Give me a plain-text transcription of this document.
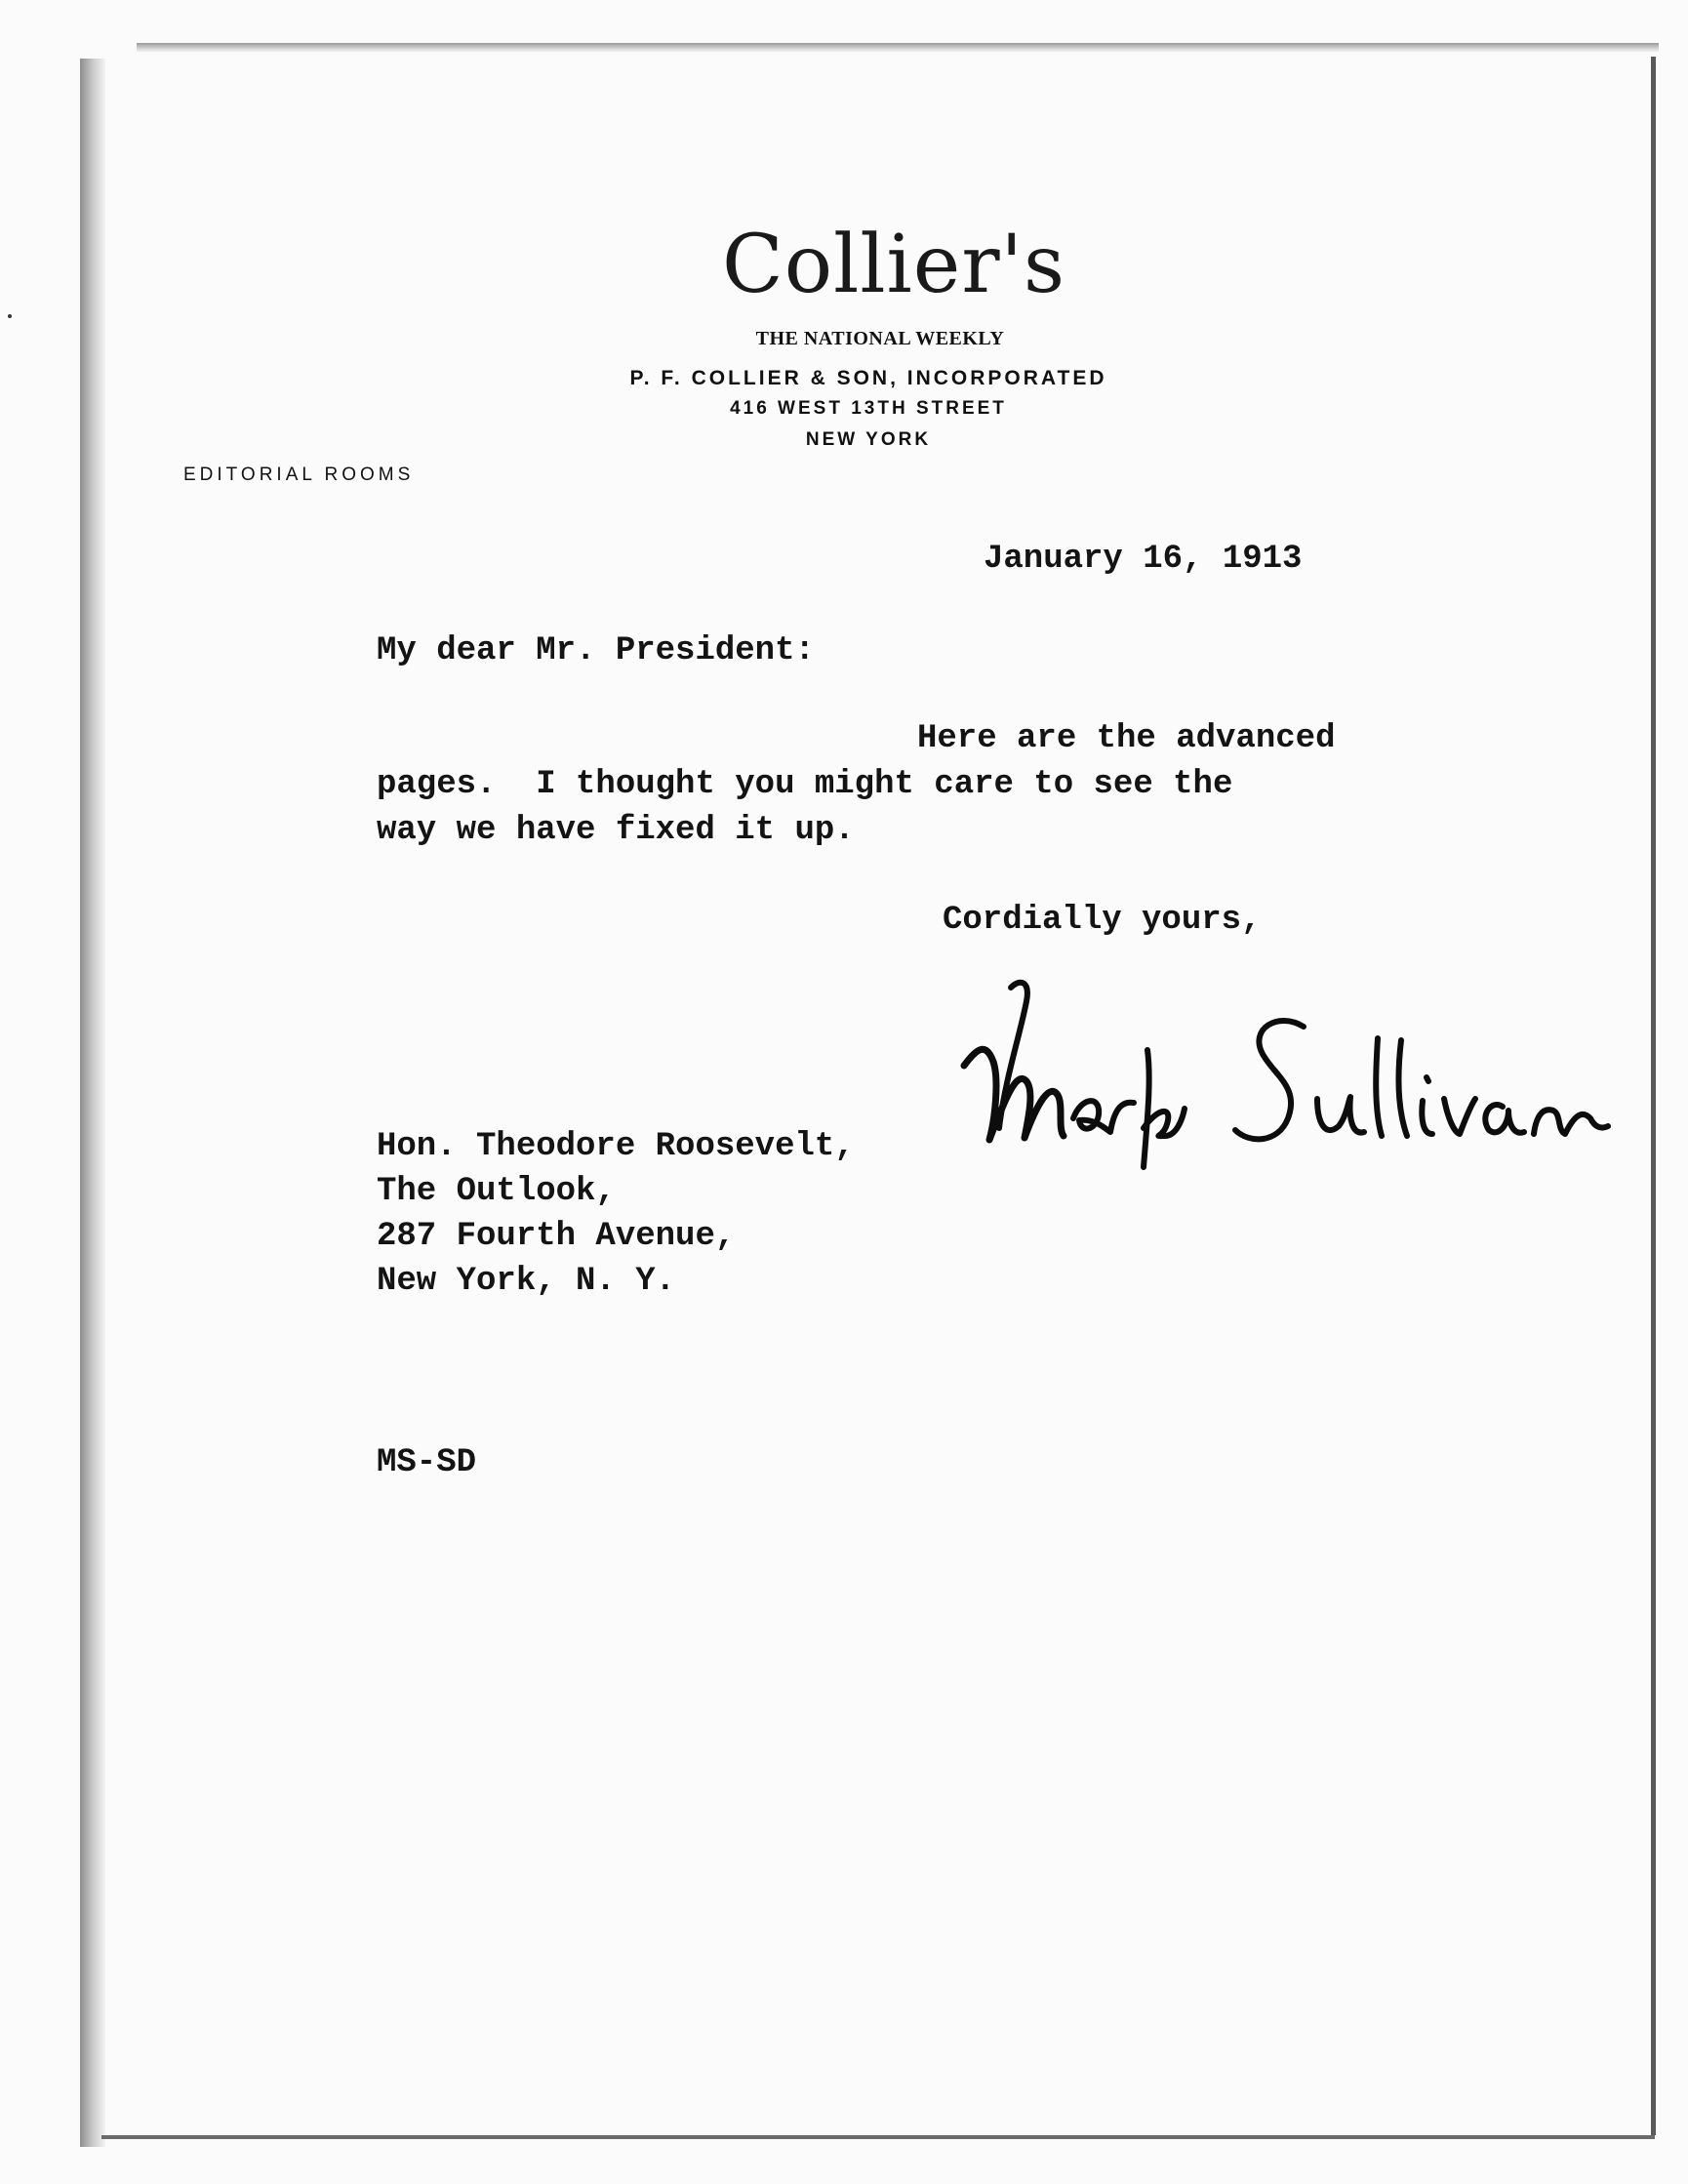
Collier's
THE NATIONAL WEEKLY
P. F. COLLIER & SON, INCORPORATED
416 WEST 13TH STREET
NEW YORK
EDITORIAL ROOMS
January 16, 1913
My dear Mr. President:
Here are the advanced
pages.  I thought you might care to see the
way we have fixed it up.
Cordially yours,
Hon. Theodore Roosevelt,
The Outlook,
287 Fourth Avenue,
New York, N. Y.
MS-SD
